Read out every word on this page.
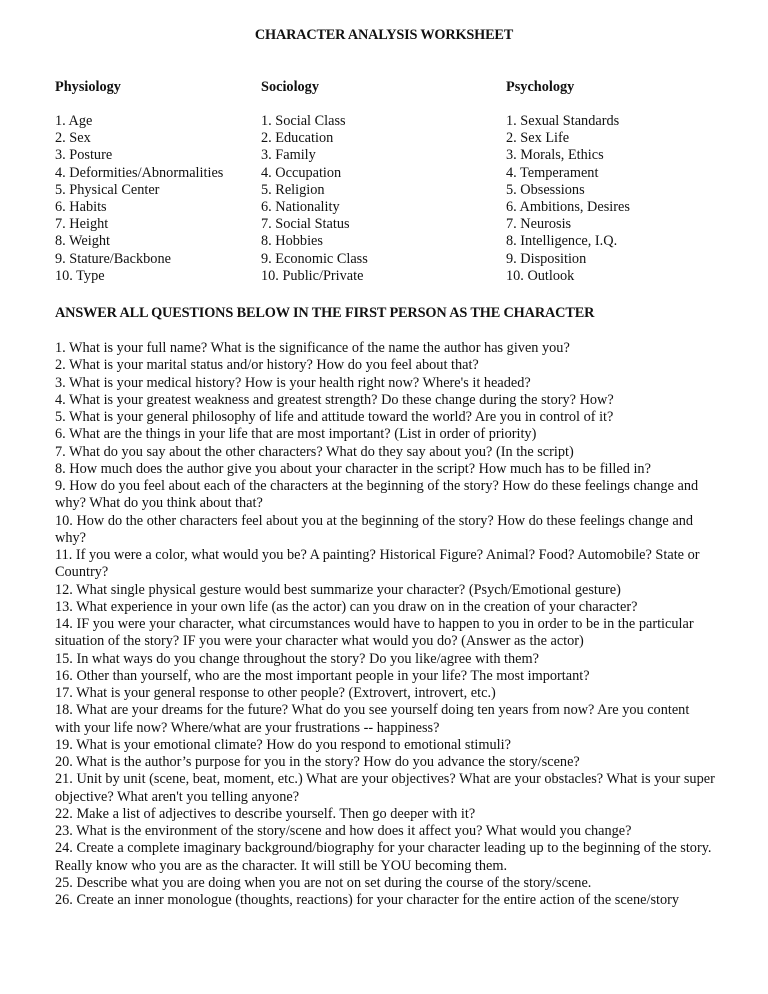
CHARACTER ANALYSIS WORKSHEET
Physiology
1. Age
2. Sex
3. Posture
4. Deformities/Abnormalities
5. Physical Center
6. Habits
7. Height
8. Weight
9. Stature/Backbone
10. Type
Sociology
1. Social Class
2. Education
3. Family
4. Occupation
5. Religion
6. Nationality
7. Social Status
8. Hobbies
9. Economic Class
10. Public/Private
Psychology
1. Sexual Standards
2. Sex Life
3. Morals, Ethics
4. Temperament
5. Obsessions
6. Ambitions, Desires
7. Neurosis
8. Intelligence, I.Q.
9. Disposition
10. Outlook
ANSWER ALL QUESTIONS BELOW IN THE FIRST PERSON AS THE CHARACTER
1. What is your full name? What is the significance of the name the author has given you?
2. What is your marital status and/or history? How do you feel about that?
3. What is your medical history? How is your health right now? Where's it headed?
4. What is your greatest weakness and greatest strength? Do these change during the story? How?
5. What is your general philosophy of life and attitude toward the world? Are you in control of it?
6. What are the things in your life that are most important? (List in order of priority)
7. What do you say about the other characters? What do they say about you? (In the script)
8. How much does the author give you about your character in the script? How much has to be filled in?
9. How do you feel about each of the characters at the beginning of the story? How do these feelings change and why? What do you think about that?
10. How do the other characters feel about you at the beginning of the story? How do these feelings change and why?
11. If you were a color, what would you be? A painting? Historical Figure? Animal? Food? Automobile? State or Country?
12. What single physical gesture would best summarize your character? (Psych/Emotional gesture)
13. What experience in your own life (as the actor) can you draw on in the creation of your character?
14. IF you were your character, what circumstances would have to happen to you in order to be in the particular situation of the story? IF you were your character what would you do? (Answer as the actor)
15. In what ways do you change throughout the story? Do you like/agree with them?
16. Other than yourself, who are the most important people in your life? The most important?
17. What is your general response to other people? (Extrovert, introvert, etc.)
18. What are your dreams for the future? What do you see yourself doing ten years from now? Are you content with your life now? Where/what are your frustrations -- happiness?
19. What is your emotional climate? How do you respond to emotional stimuli?
20. What is the author’s purpose for you in the story? How do you advance the story/scene?
21. Unit by unit (scene, beat, moment, etc.) What are your objectives? What are your obstacles? What is your super objective? What aren't you telling anyone?
22. Make a list of adjectives to describe yourself. Then go deeper with it?
23. What is the environment of the story/scene and how does it affect you? What would you change?
24. Create a complete imaginary background/biography for your character leading up to the beginning of the story. Really know who you are as the character. It will still be YOU becoming them.
25. Describe what you are doing when you are not on set during the course of the story/scene.
26. Create an inner monologue (thoughts, reactions) for your character for the entire action of the scene/story
